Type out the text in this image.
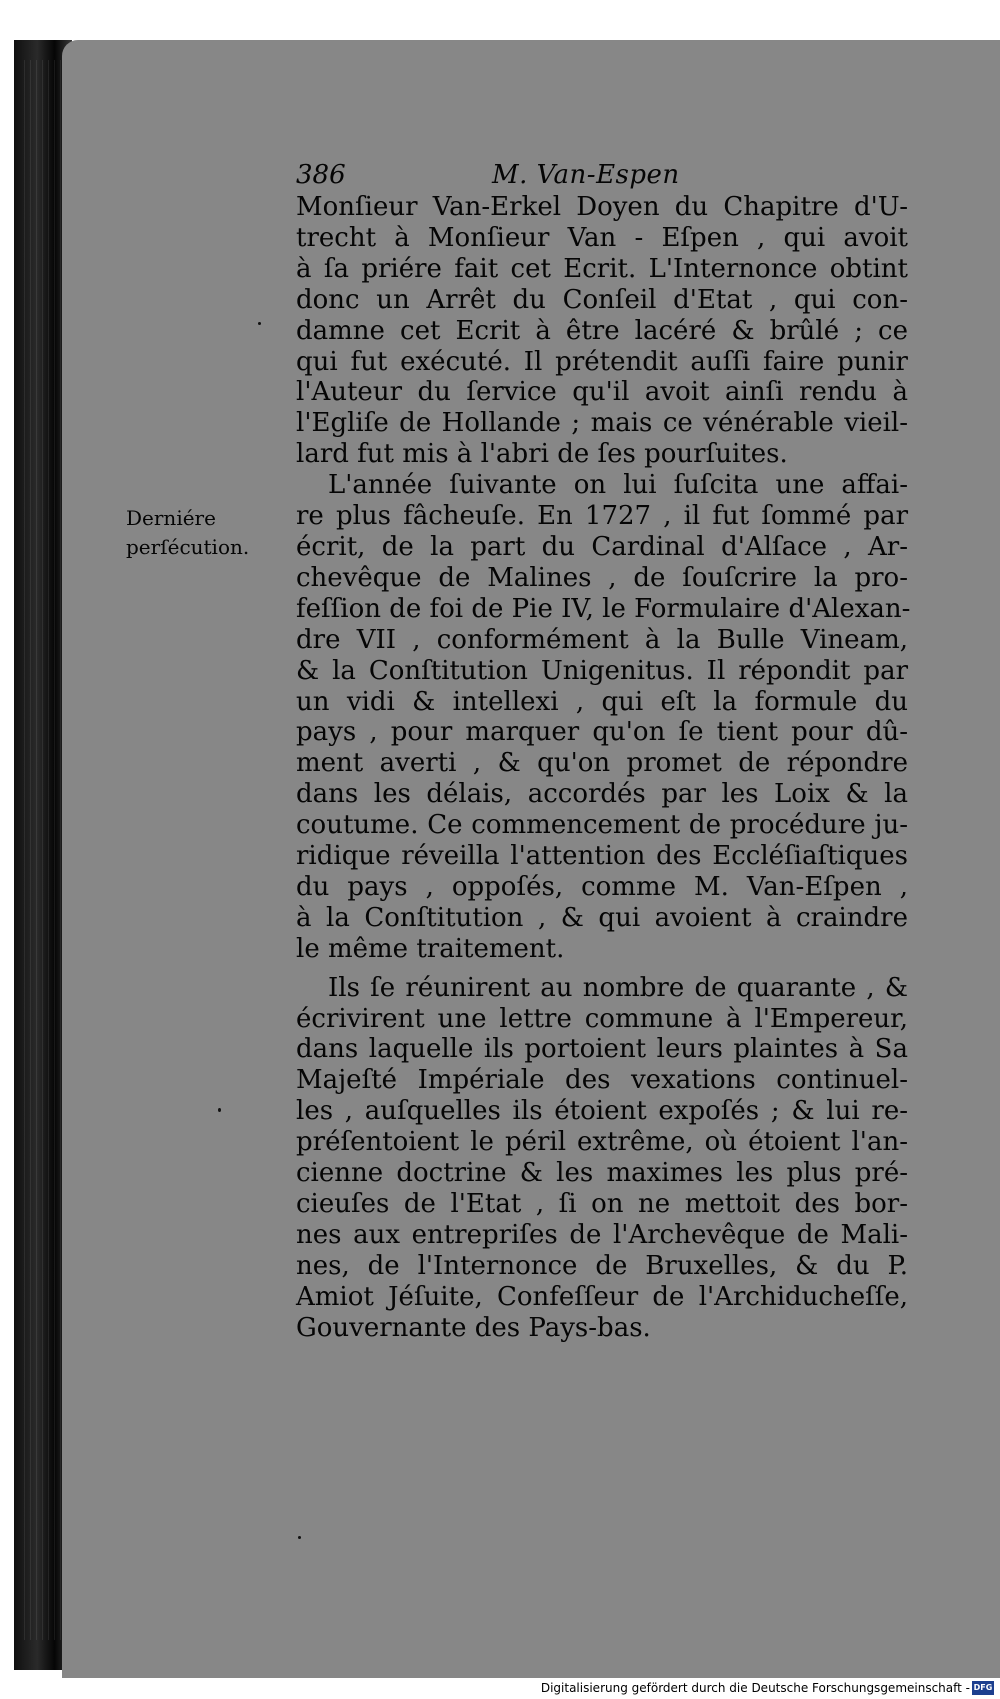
386	M. Van-Espen
Derniére
perſécution.
Monſieur Van-Erkel Doyen du Chapitre d'U-
trecht à Monſieur Van - Eſpen , qui avoit
à ſa priére fait cet Ecrit. L'Internonce obtint
donc un Arrêt du Conſeil d'Etat , qui con-
damne cet Ecrit à être lacéré & brûlé ; ce
qui fut exécuté. Il prétendit auſſi faire punir
l'Auteur du ſervice qu'il avoit ainſi rendu à
l'Egliſe de Hollande ; mais ce vénérable vieil-
lard fut mis à l'abri de ſes pourſuites.
L'année ſuivante on lui ſuſcita une affai-
re plus fâcheuſe. En 1727 , il fut ſommé par
écrit, de la part du Cardinal d'Alſace , Ar-
chevêque de Malines , de ſouſcrire la pro-
feſſion de foi de Pie IV, le Formulaire d'Alexan-
dre VII , conformément à la Bulle Vineam,
& la Conſtitution Unigenitus. Il répondit par
un vidi & intellexi , qui eſt la formule du
pays , pour marquer qu'on ſe tient pour dû-
ment averti , & qu'on promet de répondre
dans les délais, accordés par les Loix & la
coutume. Ce commencement de procédure ju-
ridique réveilla l'attention des Eccléſiaſtiques
du pays , oppoſés, comme M. Van-Eſpen ,
à la Conſtitution , & qui avoient à craindre
le même traitement.
Ils ſe réunirent au nombre de quarante , &
écrivirent une lettre commune à l'Empereur,
dans laquelle ils portoient leurs plaintes à Sa
Majeſté Impériale des vexations continuel-
les , auſquelles ils étoient expoſés ; & lui re-
préſentoient le péril extrême, où étoient l'an-
cienne doctrine & les maximes les plus pré-
cieuſes de l'Etat , ſi on ne mettoit des bor-
nes aux entrepriſes de l'Archevêque de Mali-
nes, de l'Internonce de Bruxelles, & du P.
Amiot Jéſuite, Confeſſeur de l'Archiducheſſe,
Gouvernante des Pays-bas.
Digitalisierung gefördert durch die Deutsche Forschungsgemeinschaft - DFG
